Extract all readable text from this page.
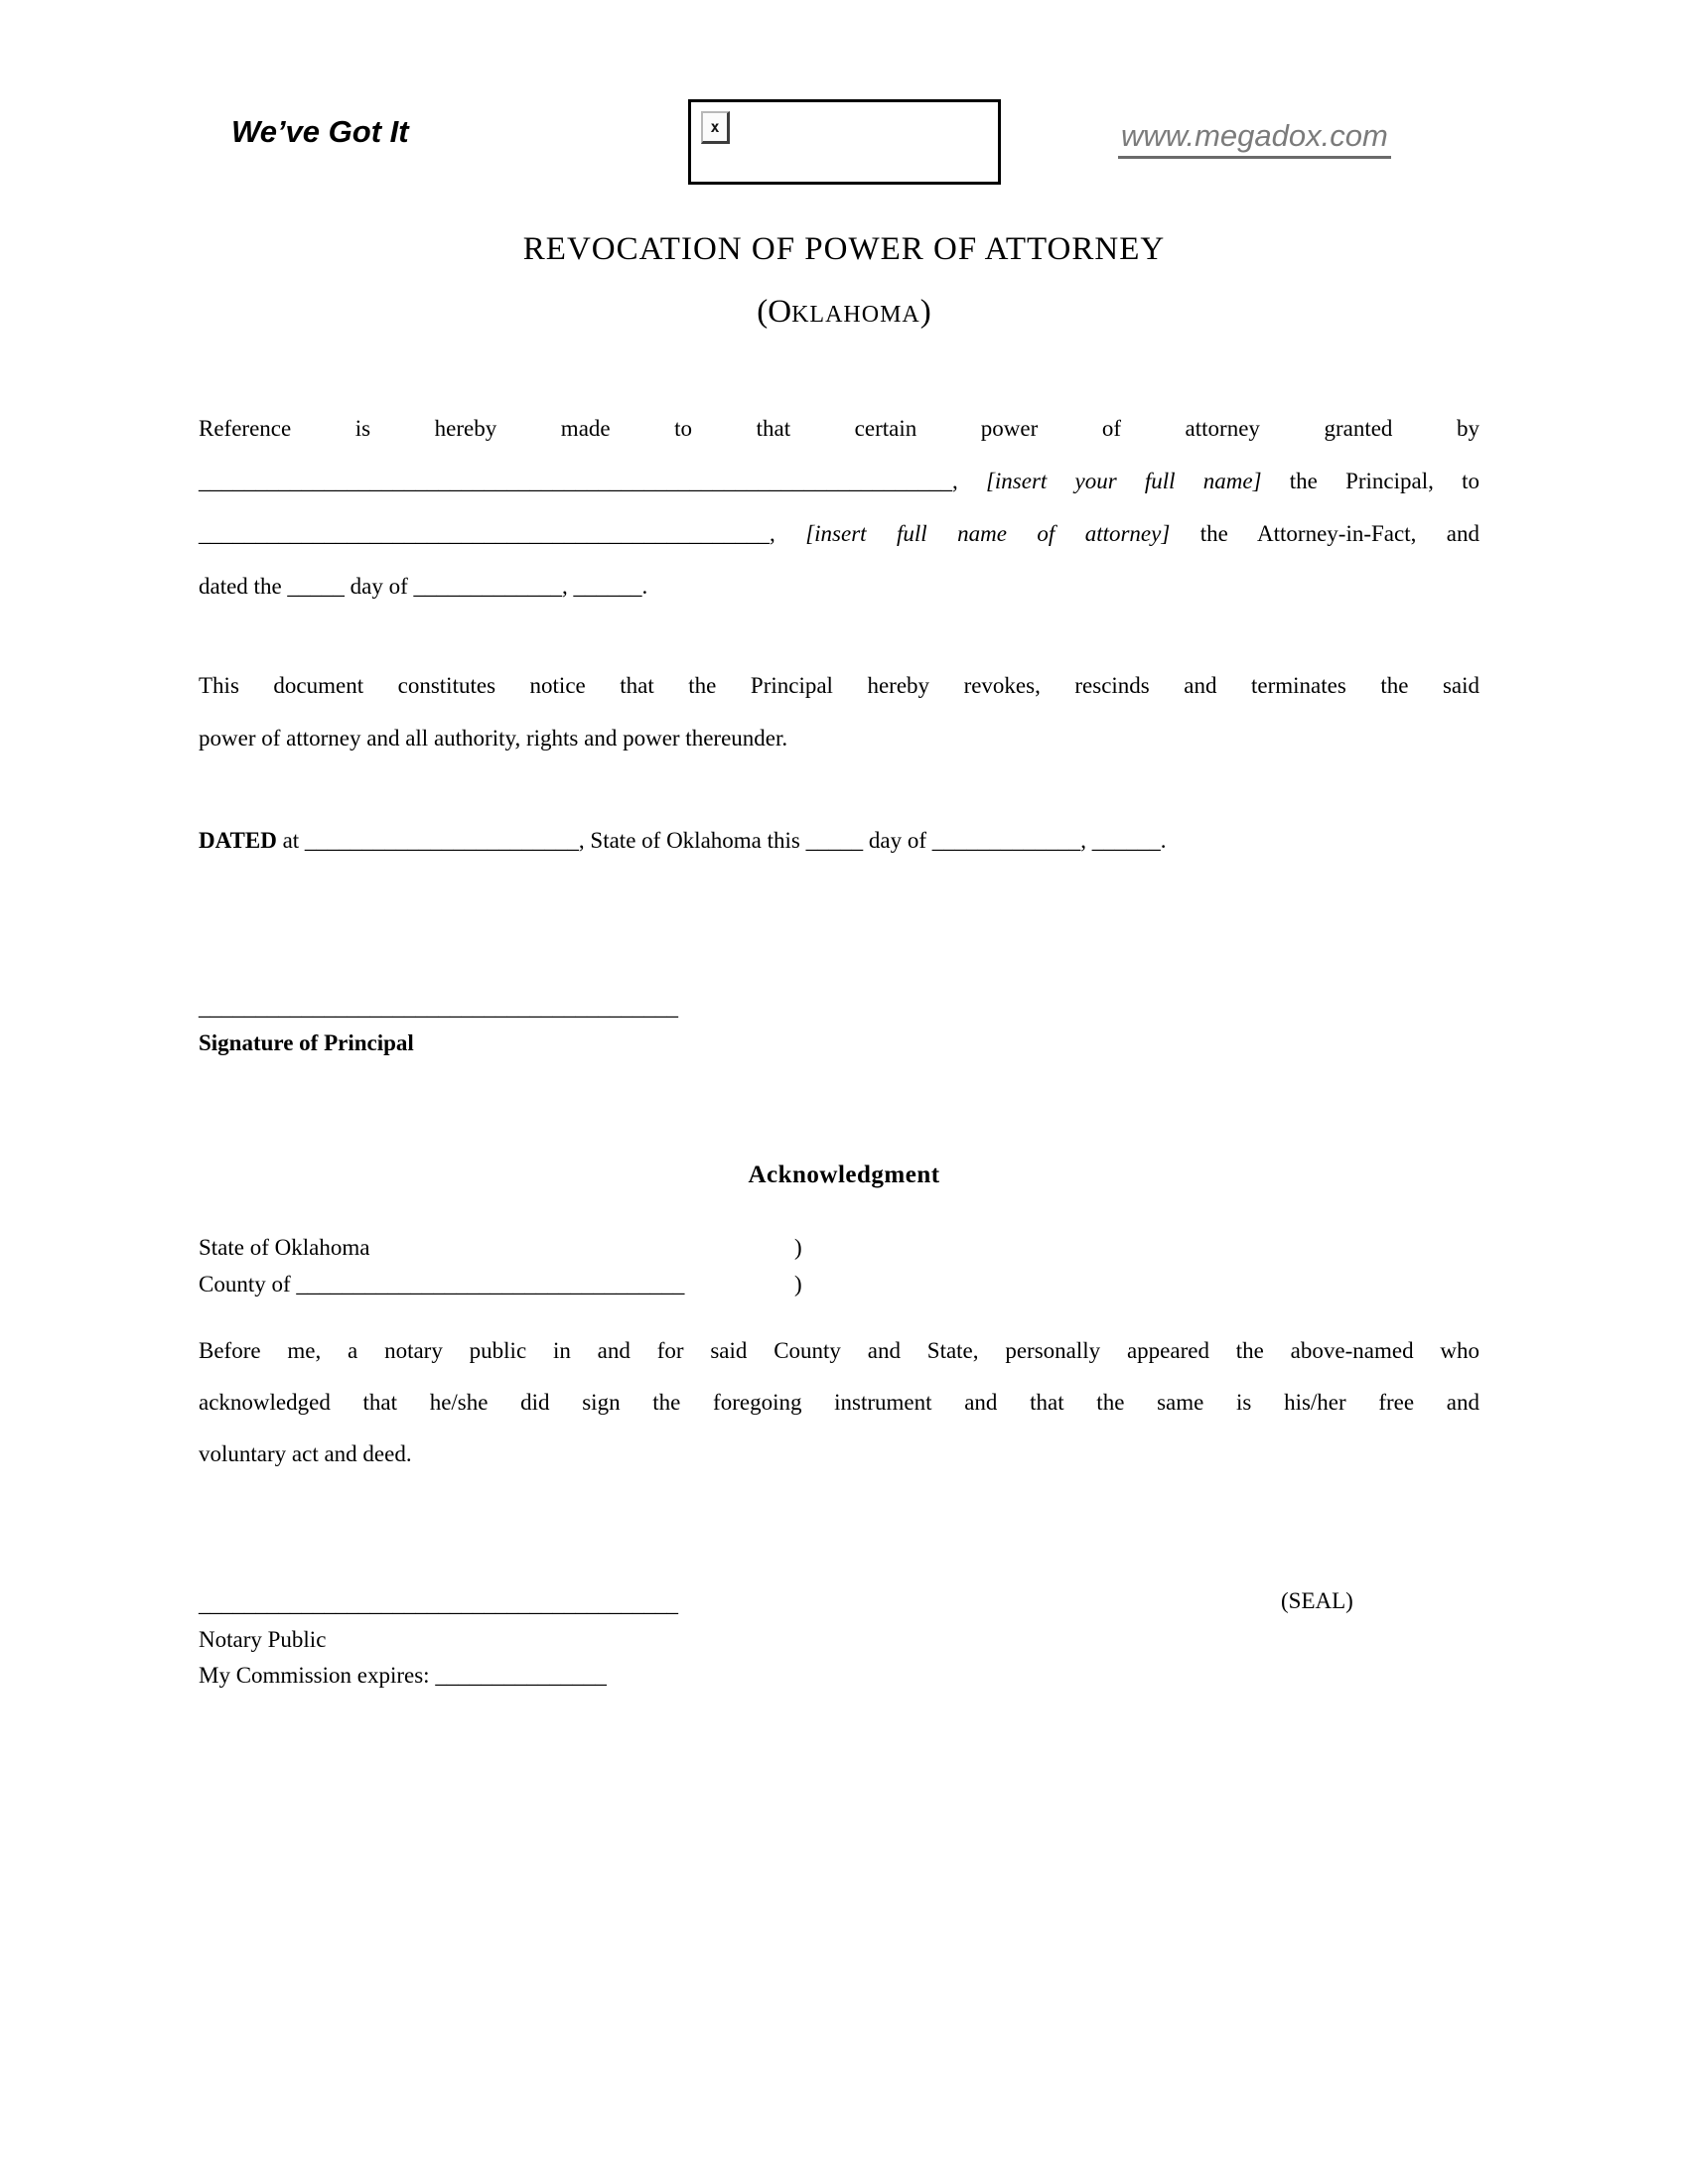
We’ve Got It	x	www.megadox.com
REVOCATION OF POWER OF ATTORNEY
(OKLAHOMA)
Reference is hereby made to that certain power of attorney granted by
__________________________________________________________________, [insert your full name] the Principal, to
__________________________________________________, [insert full name of attorney] the Attorney-in-Fact, and
dated the _____ day of _____________, ______.
This document constitutes notice that the Principal hereby revokes, rescinds and terminates the said
power of attorney and all authority, rights and power thereunder.
DATED at ________________________, State of Oklahoma this _____ day of _____________, ______.
__________________________________________
Signature of Principal
Acknowledgment
State of Oklahoma	)
County of __________________________________	)
Before me, a notary public in and for said County and State, personally appeared the above-named who
acknowledged that he/she did sign the foregoing instrument and that the same is his/her free and
voluntary act and deed.
__________________________________________
Notary Public
My Commission expires: _______________
(SEAL)
